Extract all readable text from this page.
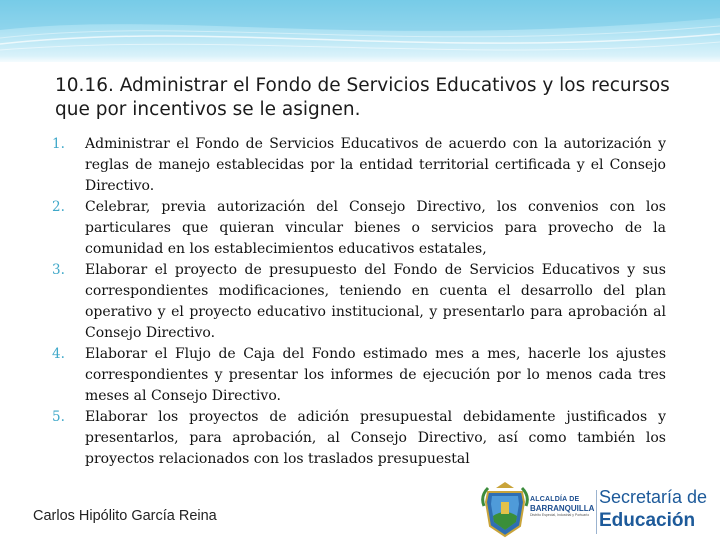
10.16. Administrar el Fondo de Servicios Educativos y los recursos que por incentivos se le asignen.
1. Administrar el Fondo de Servicios Educativos de acuerdo con la autorización y reglas de manejo establecidas por la entidad territorial certificada y el Consejo Directivo.
2. Celebrar, previa autorización del Consejo Directivo, los convenios con los particulares que quieran vincular bienes o servicios para provecho de la comunidad en los establecimientos educativos estatales,
3. Elaborar el proyecto de presupuesto del Fondo de Servicios Educativos y sus correspondientes modificaciones, teniendo en cuenta el desarrollo del plan operativo y el proyecto educativo institucional, y presentarlo para aprobación al Consejo Directivo.
4. Elaborar el Flujo de Caja del Fondo estimado mes a mes, hacerle los ajustes correspondientes y presentar los informes de ejecución por lo menos cada tres meses al Consejo Directivo.
5. Elaborar los proyectos de adición presupuestal debidamente justificados y presentarlos, para aprobación, al Consejo Directivo, así como también los proyectos relacionados con los traslados presupuestal
Carlos Hipólito García Reina
ALCALDÍA DE
BARRANQUILLA
Distrito Especial, Industrial y Portuario
Secretaría de
Educación
